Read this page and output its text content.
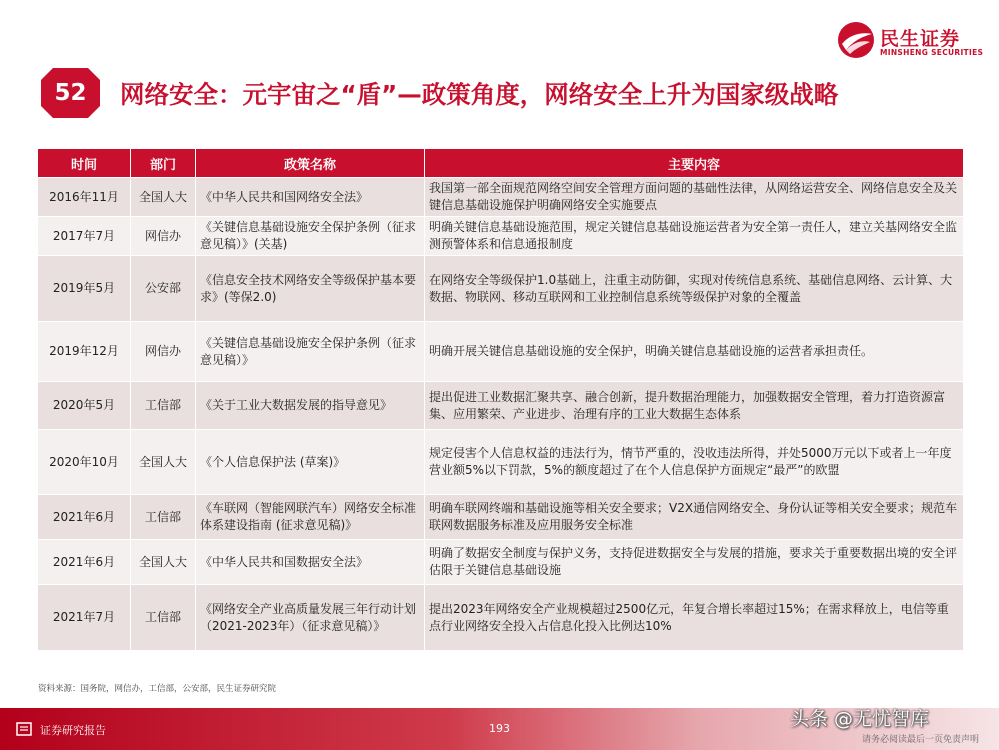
民生证券
MINSHENG SECURITIES
52	网络安全：元宇宙之“盾”—政策角度，网络安全上升为国家级战略
时间	部门	政策名称	主要内容
2016年11月	全国人大	《中华人民共和国网络安全法》	我国第一部全面规范网络空间安全管理方面问题的基础性法律，从网络运营安全、网络信息安全及关键信息基础设施保护明确网络安全实施要点
2017年7月	网信办	《关键信息基础设施安全保护条例（征求意见稿）》(关基)	明确关键信息基础设施范围，规定关键信息基础设施运营者为安全第一责任人，建立关基网络安全监测预警体系和信息通报制度
2019年5月	公安部	《信息安全技术网络安全等级保护基本要求》(等保2.0)	在网络安全等级保护1.0基础上，注重主动防御，实现对传统信息系统、基础信息网络、云计算、大数据、物联网、移动互联网和工业控制信息系统等级保护对象的全覆盖
2019年12月	网信办	《关键信息基础设施安全保护条例（征求意见稿）》	明确开展关键信息基础设施的安全保护，明确关键信息基础设施的运营者承担责任。
2020年5月	工信部	《关于工业大数据发展的指导意见》	提出促进工业数据汇聚共享、融合创新，提升数据治理能力，加强数据安全管理，着力打造资源富集、应用繁荣、产业进步、治理有序的工业大数据生态体系
2020年10月	全国人大	《个人信息保护法 (草案)》	规定侵害个人信息权益的违法行为，情节严重的，没收违法所得，并处5000万元以下或者上一年度营业额5%以下罚款，5%的额度超过了在个人信息保护方面规定“最严”的欧盟
2021年6月	工信部	《车联网（智能网联汽车）网络安全标准体系建设指南 (征求意见稿)》	明确车联网终端和基础设施等相关安全要求；V2X通信网络安全、身份认证等相关安全要求；规范车联网数据服务标准及应用服务安全标准
2021年6月	全国人大	《中华人民共和国数据安全法》	明确了数据安全制度与保护义务，支持促进数据安全与发展的措施，要求关于重要数据出境的安全评估限于关键信息基础设施
2021年7月	工信部	《网络安全产业高质量发展三年行动计划（2021-2023年）（征求意见稿）》	提出2023年网络安全产业规模超过2500亿元，年复合增长率超过15%；在需求释放上，电信等重点行业网络安全投入占信息化投入比例达10%
资料来源：国务院，网信办，工信部，公安部，民生证券研究院
证券研究报告	193
请务必阅读最后一页免责声明
头条 @无忧智库
